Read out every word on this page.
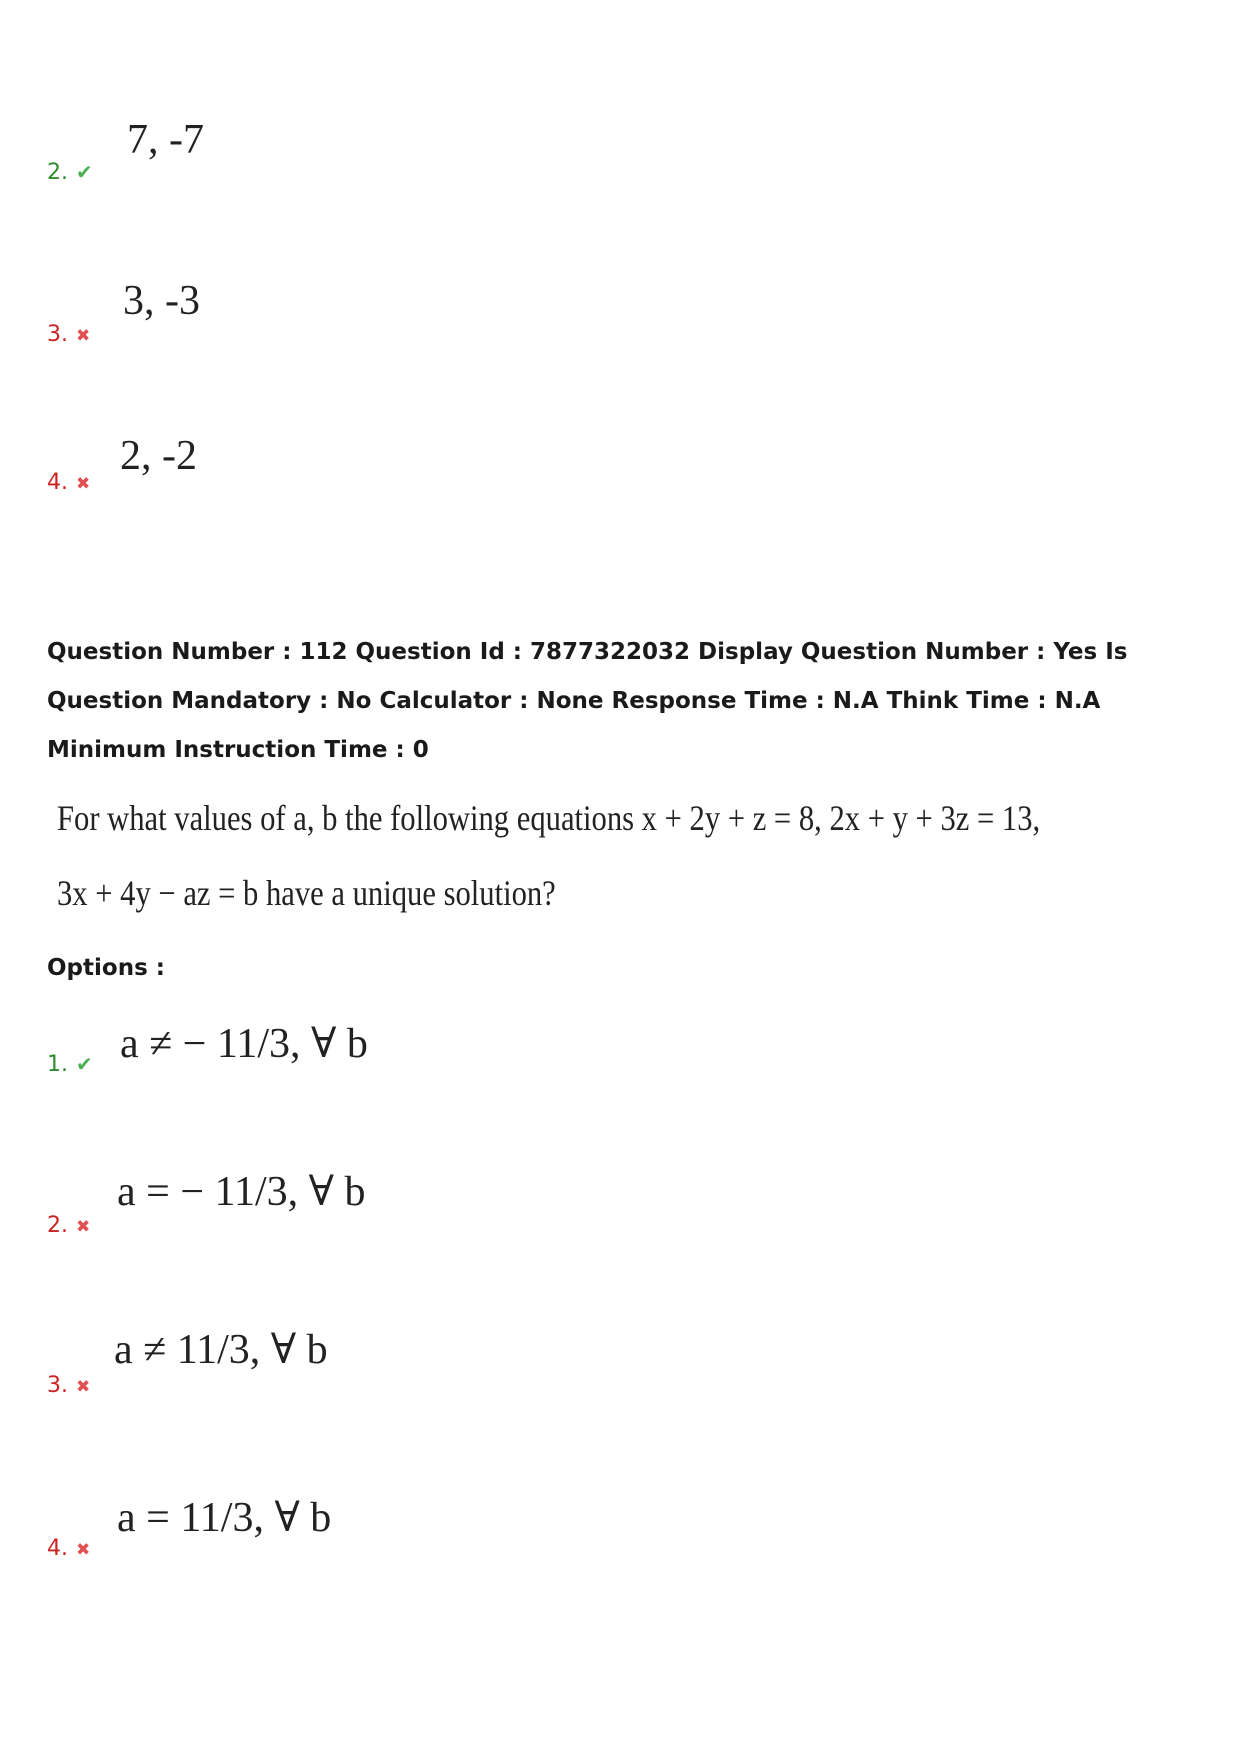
2. ✔
7, -7
3. ✖
3, -3
4. ✖
2, -2
Question Number : 112 Question Id : 7877322032 Display Question Number : Yes Is Question Mandatory : No Calculator : None Response Time : N.A Think Time : N.A Minimum Instruction Time : 0
For what values of a, b the following equations x + 2y + z = 8, 2x + y + 3z = 13,
3x + 4y − az = b have a unique solution?
Options :
1. ✔ a ≠ − 11/3, ∀ b
2. ✖
a = − 11/3, ∀ b
3. ✖
a ≠ 11/3, ∀ b
4. ✖
a = 11/3, ∀ b
